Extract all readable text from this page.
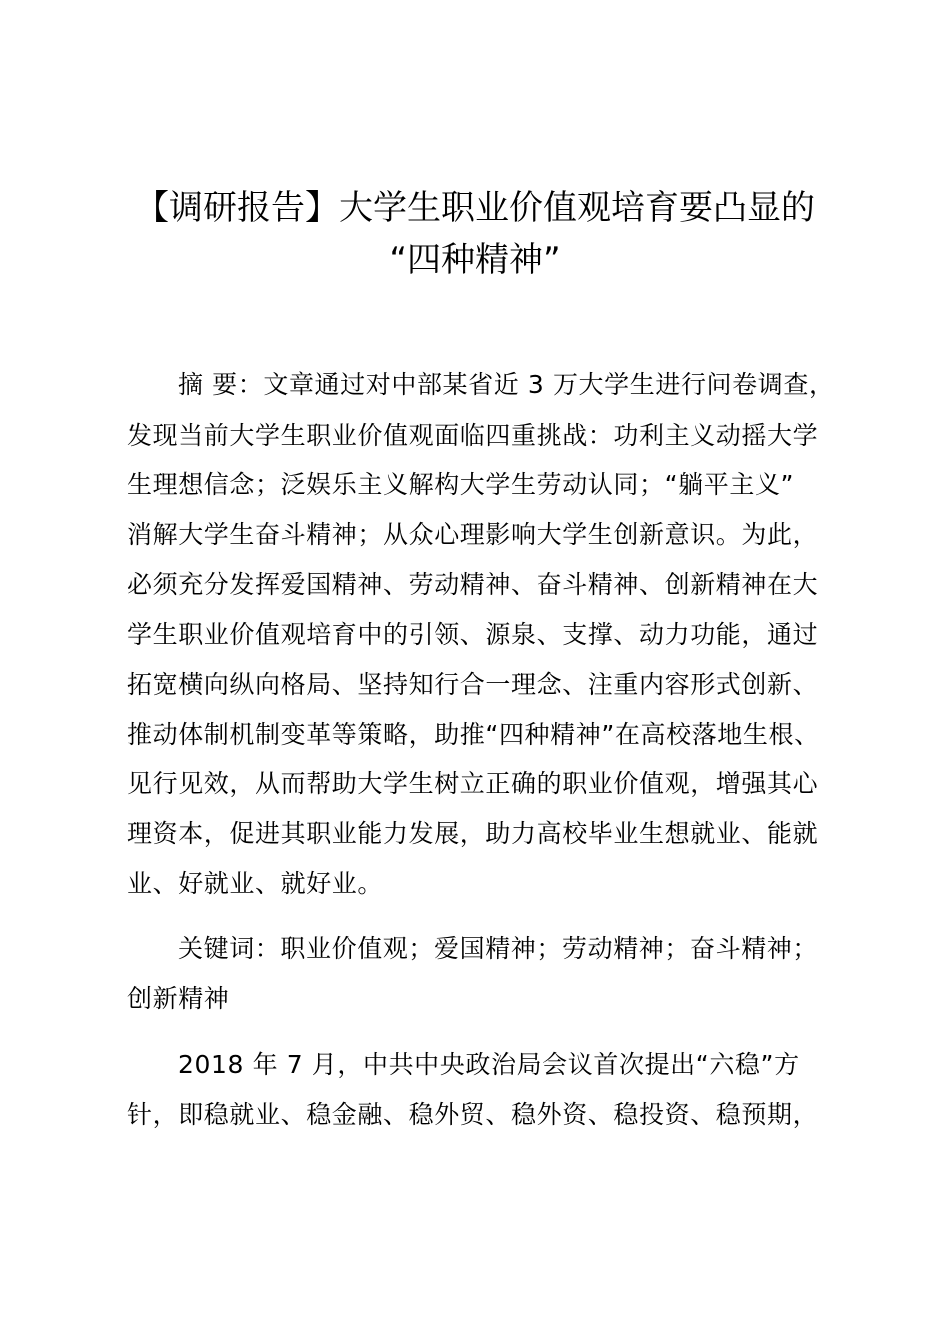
【调研报告】大学生职业价值观培育要凸显的
“四种精神”
摘 要：文章通过对中部某省近 3 万大学生进行问卷调查，
发现当前大学生职业价值观面临四重挑战：功利主义动摇大学
生理想信念；泛娱乐主义解构大学生劳动认同；“躺平主义”
消解大学生奋斗精神；从众心理影响大学生创新意识。为此，
必须充分发挥爱国精神、劳动精神、奋斗精神、创新精神在大
学生职业价值观培育中的引领、源泉、支撑、动力功能，通过
拓宽横向纵向格局、坚持知行合一理念、注重内容形式创新、
推动体制机制变革等策略，助推“四种精神”在高校落地生根、
见行见效，从而帮助大学生树立正确的职业价值观，增强其心
理资本，促进其职业能力发展，助力高校毕业生想就业、能就
业、好就业、就好业。
关键词：职业价值观；爱国精神；劳动精神；奋斗精神；
创新精神
2018 年 7 月，中共中央政治局会议首次提出“六稳”方
针，即稳就业、稳金融、稳外贸、稳外资、稳投资、稳预期，
